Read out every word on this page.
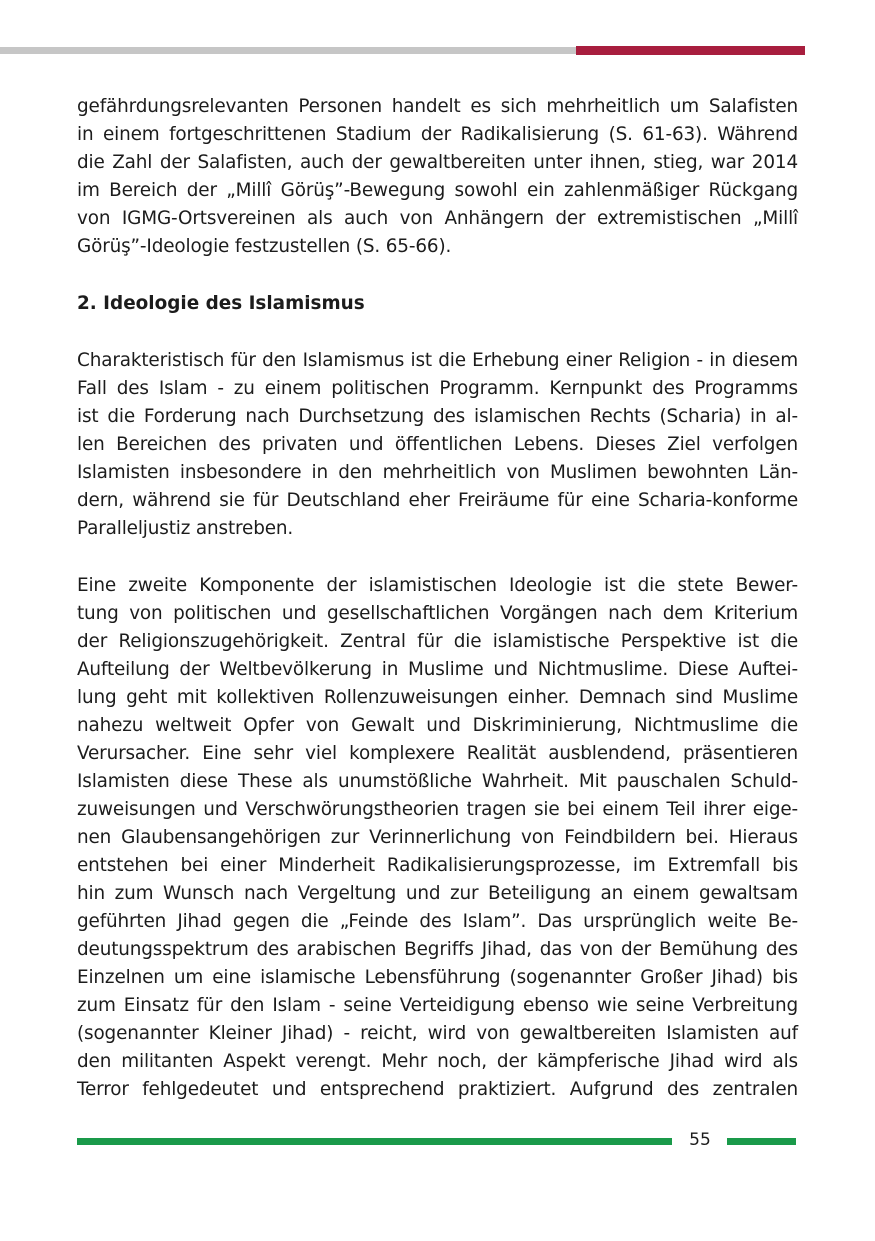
gefährdungsrelevanten Personen handelt es sich mehrheitlich um Salafisten
in einem fortgeschrittenen Stadium der Radikalisierung (S. 61-63). Während
die Zahl der Salafisten, auch der gewaltbereiten unter ihnen, stieg, war 2014
im Bereich der „Millî Görüş”-Bewegung sowohl ein zahlenmäßiger Rückgang
von IGMG-Ortsvereinen als auch von Anhängern der extremistischen „Millî
Görüş”-Ideologie festzustellen (S. 65-66).
2. Ideologie des Islamismus
Charakteristisch für den Islamismus ist die Erhebung einer Religion - in diesem
Fall des Islam - zu einem politischen Programm. Kernpunkt des Programms
ist die Forderung nach Durchsetzung des islamischen Rechts (Scharia) in al-
len Bereichen des privaten und öffentlichen Lebens. Dieses Ziel verfolgen
Islamisten insbesondere in den mehrheitlich von Muslimen bewohnten Län-
dern, während sie für Deutschland eher Freiräume für eine Scharia-konforme
Paralleljustiz anstreben.
Eine zweite Komponente der islamistischen Ideologie ist die stete Bewer-
tung von politischen und gesellschaftlichen Vorgängen nach dem Kriterium
der Religionszugehörigkeit. Zentral für die islamistische Perspektive ist die
Aufteilung der Weltbevölkerung in Muslime und Nichtmuslime. Diese Auftei-
lung geht mit kollektiven Rollenzuweisungen einher. Demnach sind Muslime
nahezu weltweit Opfer von Gewalt und Diskriminierung, Nichtmuslime die
Verursacher. Eine sehr viel komplexere Realität ausblendend, präsentieren
Islamisten diese These als unumstößliche Wahrheit. Mit pauschalen Schuld-
zuweisungen und Verschwörungstheorien tragen sie bei einem Teil ihrer eige-
nen Glaubensangehörigen zur Verinnerlichung von Feindbildern bei. Hieraus
entstehen bei einer Minderheit Radikalisierungsprozesse, im Extremfall bis
hin zum Wunsch nach Vergeltung und zur Beteiligung an einem gewaltsam
geführten Jihad gegen die „Feinde des Islam”. Das ursprünglich weite Be-
deutungsspektrum des arabischen Begriffs Jihad, das von der Bemühung des
Einzelnen um eine islamische Lebensführung (sogenannter Großer Jihad) bis
zum Einsatz für den Islam - seine Verteidigung ebenso wie seine Verbreitung
(sogenannter Kleiner Jihad) - reicht, wird von gewaltbereiten Islamisten auf
den militanten Aspekt verengt. Mehr noch, der kämpferische Jihad wird als
Terror fehlgedeutet und entsprechend praktiziert. Aufgrund des zentralen
55
